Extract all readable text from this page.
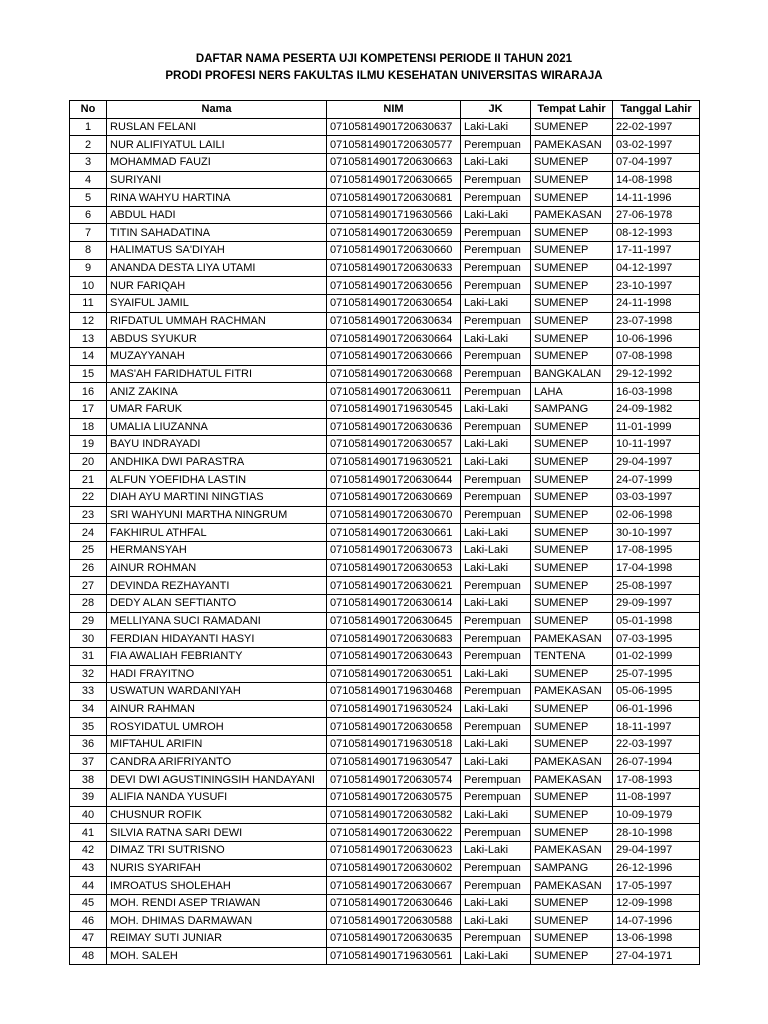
DAFTAR NAMA PESERTA UJI KOMPETENSI PERIODE II TAHUN 2021
PRODI PROFESI NERS FAKULTAS ILMU KESEHATAN UNIVERSITAS WIRARAJA
No	Nama	NIM	JK	Tempat Lahir	Tanggal Lahir
1	RUSLAN FELANI	07105814901720630637	Laki-Laki	SUMENEP	22-02-1997
2	NUR ALIFIYATUL LAILI	07105814901720630577	Perempuan	PAMEKASAN	03-02-1997
3	MOHAMMAD FAUZI	07105814901720630663	Laki-Laki	SUMENEP	07-04-1997
4	SURIYANI	07105814901720630665	Perempuan	SUMENEP	14-08-1998
5	RINA WAHYU HARTINA	07105814901720630681	Perempuan	SUMENEP	14-11-1996
6	ABDUL HADI	07105814901719630566	Laki-Laki	PAMEKASAN	27-06-1978
7	TITIN SAHADATINA	07105814901720630659	Perempuan	SUMENEP	08-12-1993
8	HALIMATUS SA'DIYAH	07105814901720630660	Perempuan	SUMENEP	17-11-1997
9	ANANDA DESTA LIYA UTAMI	07105814901720630633	Perempuan	SUMENEP	04-12-1997
10	NUR FARIQAH	07105814901720630656	Perempuan	SUMENEP	23-10-1997
11	SYAIFUL JAMIL	07105814901720630654	Laki-Laki	SUMENEP	24-11-1998
12	RIFDATUL UMMAH RACHMAN	07105814901720630634	Perempuan	SUMENEP	23-07-1998
13	ABDUS SYUKUR	07105814901720630664	Laki-Laki	SUMENEP	10-06-1996
14	MUZAYYANAH	07105814901720630666	Perempuan	SUMENEP	07-08-1998
15	MAS'AH FARIDHATUL FITRI	07105814901720630668	Perempuan	BANGKALAN	29-12-1992
16	ANIZ ZAKINA	07105814901720630611	Perempuan	LAHA	16-03-1998
17	UMAR FARUK	07105814901719630545	Laki-Laki	SAMPANG	24-09-1982
18	UMALIA LIUZANNA	07105814901720630636	Perempuan	SUMENEP	11-01-1999
19	BAYU INDRAYADI	07105814901720630657	Laki-Laki	SUMENEP	10-11-1997
20	ANDHIKA DWI PARASTRA	07105814901719630521	Laki-Laki	SUMENEP	29-04-1997
21	ALFUN YOEFIDHA LASTIN	07105814901720630644	Perempuan	SUMENEP	24-07-1999
22	DIAH AYU MARTINI NINGTIAS	07105814901720630669	Perempuan	SUMENEP	03-03-1997
23	SRI WAHYUNI MARTHA NINGRUM	07105814901720630670	Perempuan	SUMENEP	02-06-1998
24	FAKHIRUL ATHFAL	07105814901720630661	Laki-Laki	SUMENEP	30-10-1997
25	HERMANSYAH	07105814901720630673	Laki-Laki	SUMENEP	17-08-1995
26	AINUR ROHMAN	07105814901720630653	Laki-Laki	SUMENEP	17-04-1998
27	DEVINDA REZHAYANTI	07105814901720630621	Perempuan	SUMENEP	25-08-1997
28	DEDY ALAN SEFTIANTO	07105814901720630614	Laki-Laki	SUMENEP	29-09-1997
29	MELLIYANA SUCI RAMADANI	07105814901720630645	Perempuan	SUMENEP	05-01-1998
30	FERDIAN HIDAYANTI HASYI	07105814901720630683	Perempuan	PAMEKASAN	07-03-1995
31	FIA AWALIAH FEBRIANTY	07105814901720630643	Perempuan	TENTENA	01-02-1999
32	HADI FRAYITNO	07105814901720630651	Laki-Laki	SUMENEP	25-07-1995
33	USWATUN WARDANIYAH	07105814901719630468	Perempuan	PAMEKASAN	05-06-1995
34	AINUR RAHMAN	07105814901719630524	Laki-Laki	SUMENEP	06-01-1996
35	ROSYIDATUL UMROH	07105814901720630658	Perempuan	SUMENEP	18-11-1997
36	MIFTAHUL ARIFIN	07105814901719630518	Laki-Laki	SUMENEP	22-03-1997
37	CANDRA ARIFRIYANTO	07105814901719630547	Laki-Laki	PAMEKASAN	26-07-1994
38	DEVI DWI AGUSTININGSIH HANDAYANI	07105814901720630574	Perempuan	PAMEKASAN	17-08-1993
39	ALIFIA NANDA YUSUFI	07105814901720630575	Perempuan	SUMENEP	11-08-1997
40	CHUSNUR ROFIK	07105814901720630582	Laki-Laki	SUMENEP	10-09-1979
41	SILVIA RATNA SARI DEWI	07105814901720630622	Perempuan	SUMENEP	28-10-1998
42	DIMAZ TRI SUTRISNO	07105814901720630623	Laki-Laki	PAMEKASAN	29-04-1997
43	NURIS SYARIFAH	07105814901720630602	Perempuan	SAMPANG	26-12-1996
44	IMROATUS SHOLEHAH	07105814901720630667	Perempuan	PAMEKASAN	17-05-1997
45	MOH. RENDI ASEP TRIAWAN	07105814901720630646	Laki-Laki	SUMENEP	12-09-1998
46	MOH. DHIMAS DARMAWAN	07105814901720630588	Laki-Laki	SUMENEP	14-07-1996
47	REIMAY SUTI JUNIAR	07105814901720630635	Perempuan	SUMENEP	13-06-1998
48	MOH. SALEH	07105814901719630561	Laki-Laki	SUMENEP	27-04-1971
